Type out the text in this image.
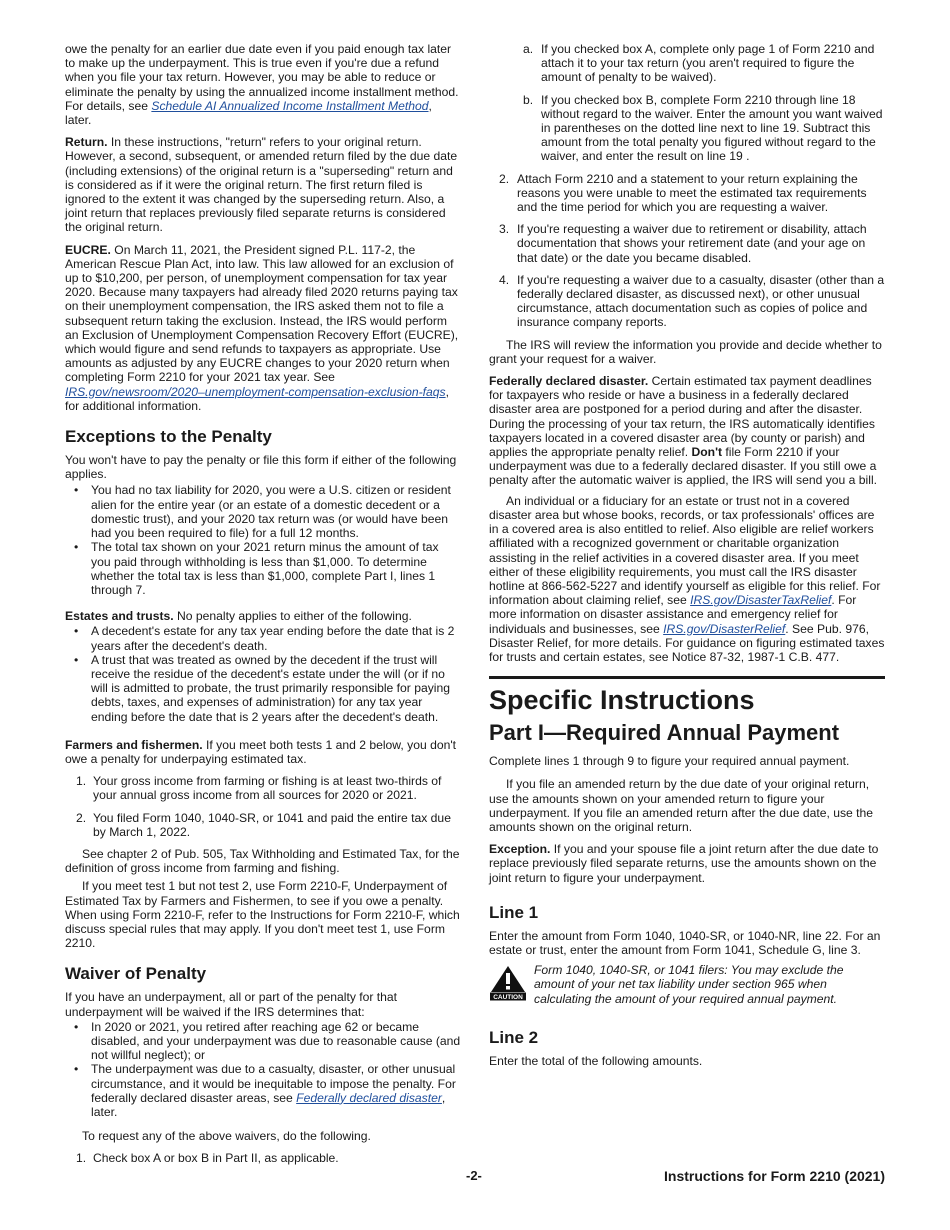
owe the penalty for an earlier due date even if you paid enough tax later to make up the underpayment. This is true even if you're due a refund when you file your tax return. However, you may be able to reduce or eliminate the penalty by using the annualized income installment method. For details, see Schedule AI Annualized Income Installment Method, later.

Return. In these instructions, "return" refers to your original return. However, a second, subsequent, or amended return filed by the due date (including extensions) of the original return is a "superseding" return and is considered as if it were the original return. The first return filed is ignored to the extent it was changed by the superseding return. Also, a joint return that replaces previously filed separate returns is considered the original return.

EUCRE. On March 11, 2021, the President signed P.L. 117-2, the American Rescue Plan Act, into law. This law allowed for an exclusion of up to $10,200, per person, of unemployment compensation for tax year 2020. Because many taxpayers had already filed 2020 returns paying tax on their unemployment compensation, the IRS asked them not to file a subsequent return taking the exclusion. Instead, the IRS would perform an Exclusion of Unemployment Compensation Recovery Effort (EUCRE), which would figure and send refunds to taxpayers as appropriate. Use amounts as adjusted by any EUCRE changes to your 2020 return when completing Form 2210 for your 2021 tax year. See IRS.gov/newsroom/2020–unemployment-compensation-exclusion-faqs, for additional information.

Exceptions to the Penalty

You won't have to pay the penalty or file this form if either of the following applies.

• You had no tax liability for 2020, you were a U.S. citizen or resident alien for the entire year (or an estate of a domestic decedent or a domestic trust), and your 2020 tax return was (or would have been had you been required to file) for a full 12 months.
• The total tax shown on your 2021 return minus the amount of tax you paid through withholding is less than $1,000. To determine whether the total tax is less than $1,000, complete Part I, lines 1 through 7.

Estates and trusts. No penalty applies to either of the following.

• A decedent's estate for any tax year ending before the date that is 2 years after the decedent's death.
• A trust that was treated as owned by the decedent if the trust will receive the residue of the decedent's estate under the will (or if no will is admitted to probate, the trust primarily responsible for paying debts, taxes, and expenses of administration) for any tax year ending before the date that is 2 years after the decedent's death.

Farmers and fishermen. If you meet both tests 1 and 2 below, you don't owe a penalty for underpaying estimated tax.

1. Your gross income from farming or fishing is at least two-thirds of your annual gross income from all sources for 2020 or 2021.
2. You filed Form 1040, 1040-SR, or 1041 and paid the entire tax due by March 1, 2022.

See chapter 2 of Pub. 505, Tax Withholding and Estimated Tax, for the definition of gross income from farming and fishing.

If you meet test 1 but not test 2, use Form 2210-F, Underpayment of Estimated Tax by Farmers and Fishermen, to see if you owe a penalty. When using Form 2210-F, refer to the Instructions for Form 2210-F, which discuss special rules that may apply. If you don't meet test 1, use Form 2210.

Waiver of Penalty

If you have an underpayment, all or part of the penalty for that underpayment will be waived if the IRS determines that:

• In 2020 or 2021, you retired after reaching age 62 or became disabled, and your underpayment was due to reasonable cause (and not willful neglect); or
• The underpayment was due to a casualty, disaster, or other unusual circumstance, and it would be inequitable to impose the penalty. For federally declared disaster areas, see Federally declared disaster, later.

To request any of the above waivers, do the following.

1. Check box A or box B in Part II, as applicable.
a. If you checked box A, complete only page 1 of Form 2210 and attach it to your tax return (you aren't required to figure the amount of penalty to be waived).
b. If you checked box B, complete Form 2210 through line 18 without regard to the waiver. Enter the amount you want waived in parentheses on the dotted line next to line 19. Subtract this amount from the total penalty you figured without regard to the waiver, and enter the result on line 19 .
2. Attach Form 2210 and a statement to your return explaining the reasons you were unable to meet the estimated tax requirements and the time period for which you are requesting a waiver.
3. If you're requesting a waiver due to retirement or disability, attach documentation that shows your retirement date (and your age on that date) or the date you became disabled.
4. If you're requesting a waiver due to a casualty, disaster (other than a federally declared disaster, as discussed next), or other unusual circumstance, attach documentation such as copies of police and insurance company reports.

The IRS will review the information you provide and decide whether to grant your request for a waiver.

Federally declared disaster. Certain estimated tax payment deadlines for taxpayers who reside or have a business in a federally declared disaster area are postponed for a period during and after the disaster. During the processing of your tax return, the IRS automatically identifies taxpayers located in a covered disaster area (by county or parish) and applies the appropriate penalty relief. Don't file Form 2210 if your underpayment was due to a federally declared disaster. If you still owe a penalty after the automatic waiver is applied, the IRS will send you a bill.

An individual or a fiduciary for an estate or trust not in a covered disaster area but whose books, records, or tax professionals' offices are in a covered area is also entitled to relief. Also eligible are relief workers affiliated with a recognized government or charitable organization assisting in the relief activities in a covered disaster area. If you meet either of these eligibility requirements, you must call the IRS disaster hotline at 866-562-5227 and identify yourself as eligible for this relief. For information about claiming relief, see IRS.gov/DisasterTaxRelief. For more information on disaster assistance and emergency relief for individuals and businesses, see IRS.gov/DisasterRelief. See Pub. 976, Disaster Relief, for more details. For guidance on figuring estimated taxes for trusts and certain estates, see Notice 87-32, 1987-1 C.B. 477.

Specific Instructions
Part I—Required Annual Payment

Complete lines 1 through 9 to figure your required annual payment.

If you file an amended return by the due date of your original return, use the amounts shown on your amended return to figure your underpayment. If you file an amended return after the due date, use the amounts shown on the original return.

Exception. If you and your spouse file a joint return after the due date to replace previously filed separate returns, use the amounts shown on the joint return to figure your underpayment.

Line 1

Enter the amount from Form 1040, 1040-SR, or 1040-NR, line 22. For an estate or trust, enter the amount from Form 1041, Schedule G, line 3.

CAUTION

Form 1040, 1040-SR, or 1041 filers: You may exclude the amount of your net tax liability under section 965 when calculating the amount of your required annual payment.

Line 2

Enter the total of the following amounts.

-2-	Instructions for Form 2210 (2021)
